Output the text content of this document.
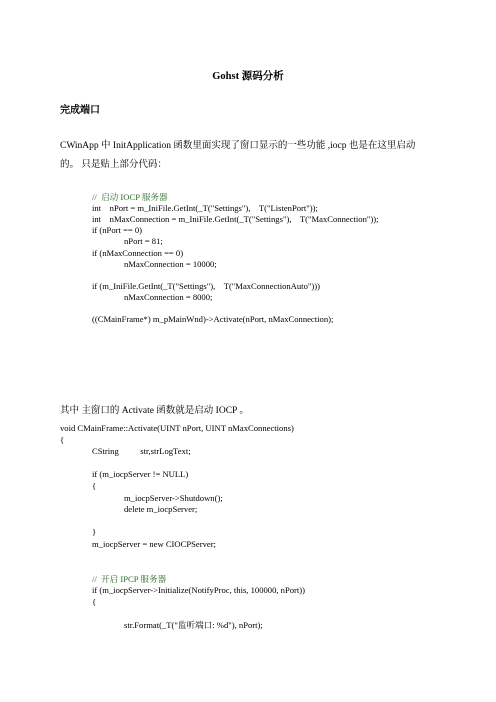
Gohst 源码分析
完成端口
CWinApp 中 InitApplication 函数里面实现了窗口显示的一些功能 ,iocp 也是在这里启动
的。 只是贴上部分代码：
//  启动 IOCP 服务器
int    nPort = m_IniFile.GetInt(_T("Settings"),    T("ListenPort"));
int    nMaxConnection = m_IniFile.GetInt(_T("Settings"),    T("MaxConnection"));
if (nPort == 0)
nPort = 81;
if (nMaxConnection == 0)
nMaxConnection = 10000;
if (m_IniFile.GetInt(_T("Settings"),    T("MaxConnectionAuto")))
nMaxConnection = 8000;
((CMainFrame*) m_pMainWnd)->Activate(nPort, nMaxConnection);
其中 主窗口的 Activate 函数就是启动 IOCP 。
void CMainFrame::Activate(UINT nPort, UINT nMaxConnections)
{
CString          str,strLogText;
if (m_iocpServer != NULL)
{
m_iocpServer->Shutdown();
delete m_iocpServer;
}
m_iocpServer = new CIOCPServer;
//  开启 IPCP 服务器
if (m_iocpServer->Initialize(NotifyProc, this, 100000, nPort))
{
str.Format(_T("监听端口: %d"), nPort);
